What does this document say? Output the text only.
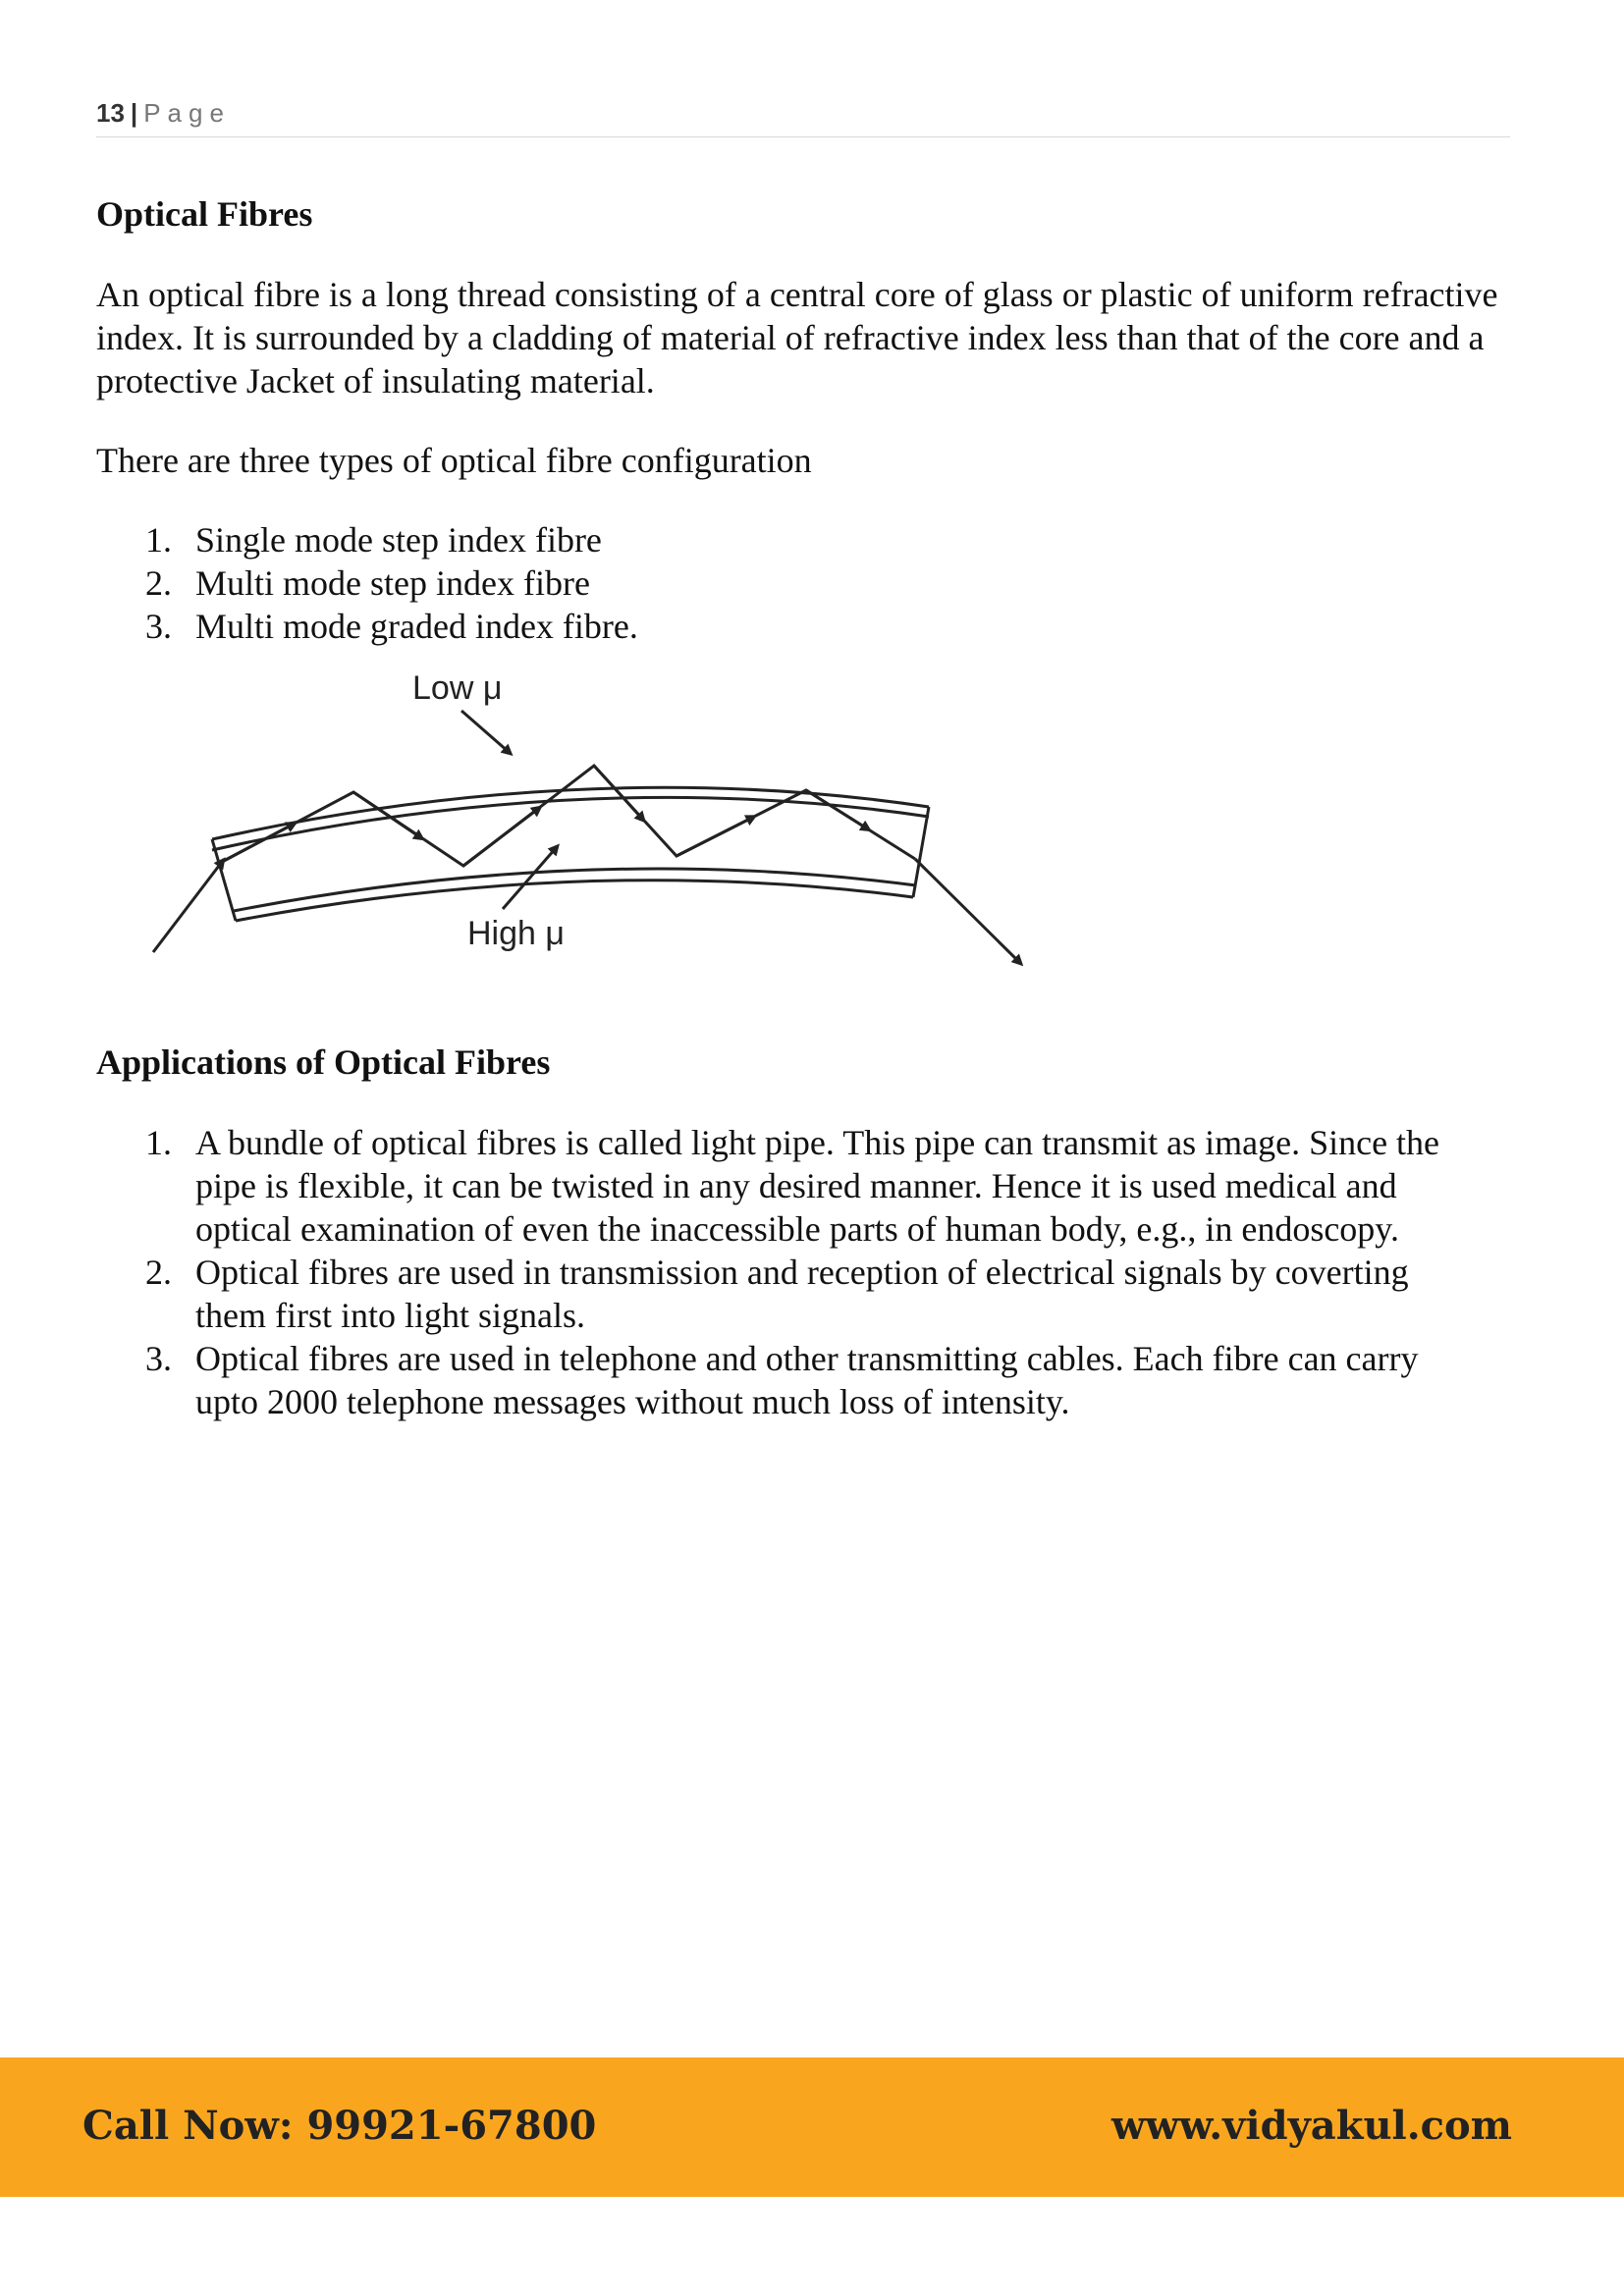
13 | Page
Optical Fibres

An optical fibre is a long thread consisting of a central core of glass or plastic of uniform refractive index. It is surrounded by a cladding of material of refractive index less than that of the core and a protective Jacket of insulating material.

There are three types of optical fibre configuration

1. Single mode step index fibre
2. Multi mode step index fibre
3. Multi mode graded index fibre.
Low μ
High μ
Applications of Optical Fibres
1. A bundle of optical fibres is called light pipe. This pipe can transmit as image. Since the
pipe is flexible, it can be twisted in any desired manner. Hence it is used medical and
optical examination of even the inaccessible parts of human body, e.g., in endoscopy.
2. Optical fibres are used in transmission and reception of electrical signals by coverting
them first into light signals.
3. Optical fibres are used in telephone and other transmitting cables. Each fibre can carry
upto 2000 telephone messages without much loss of intensity.
Call Now: 99921-67800	www.vidyakul.com
